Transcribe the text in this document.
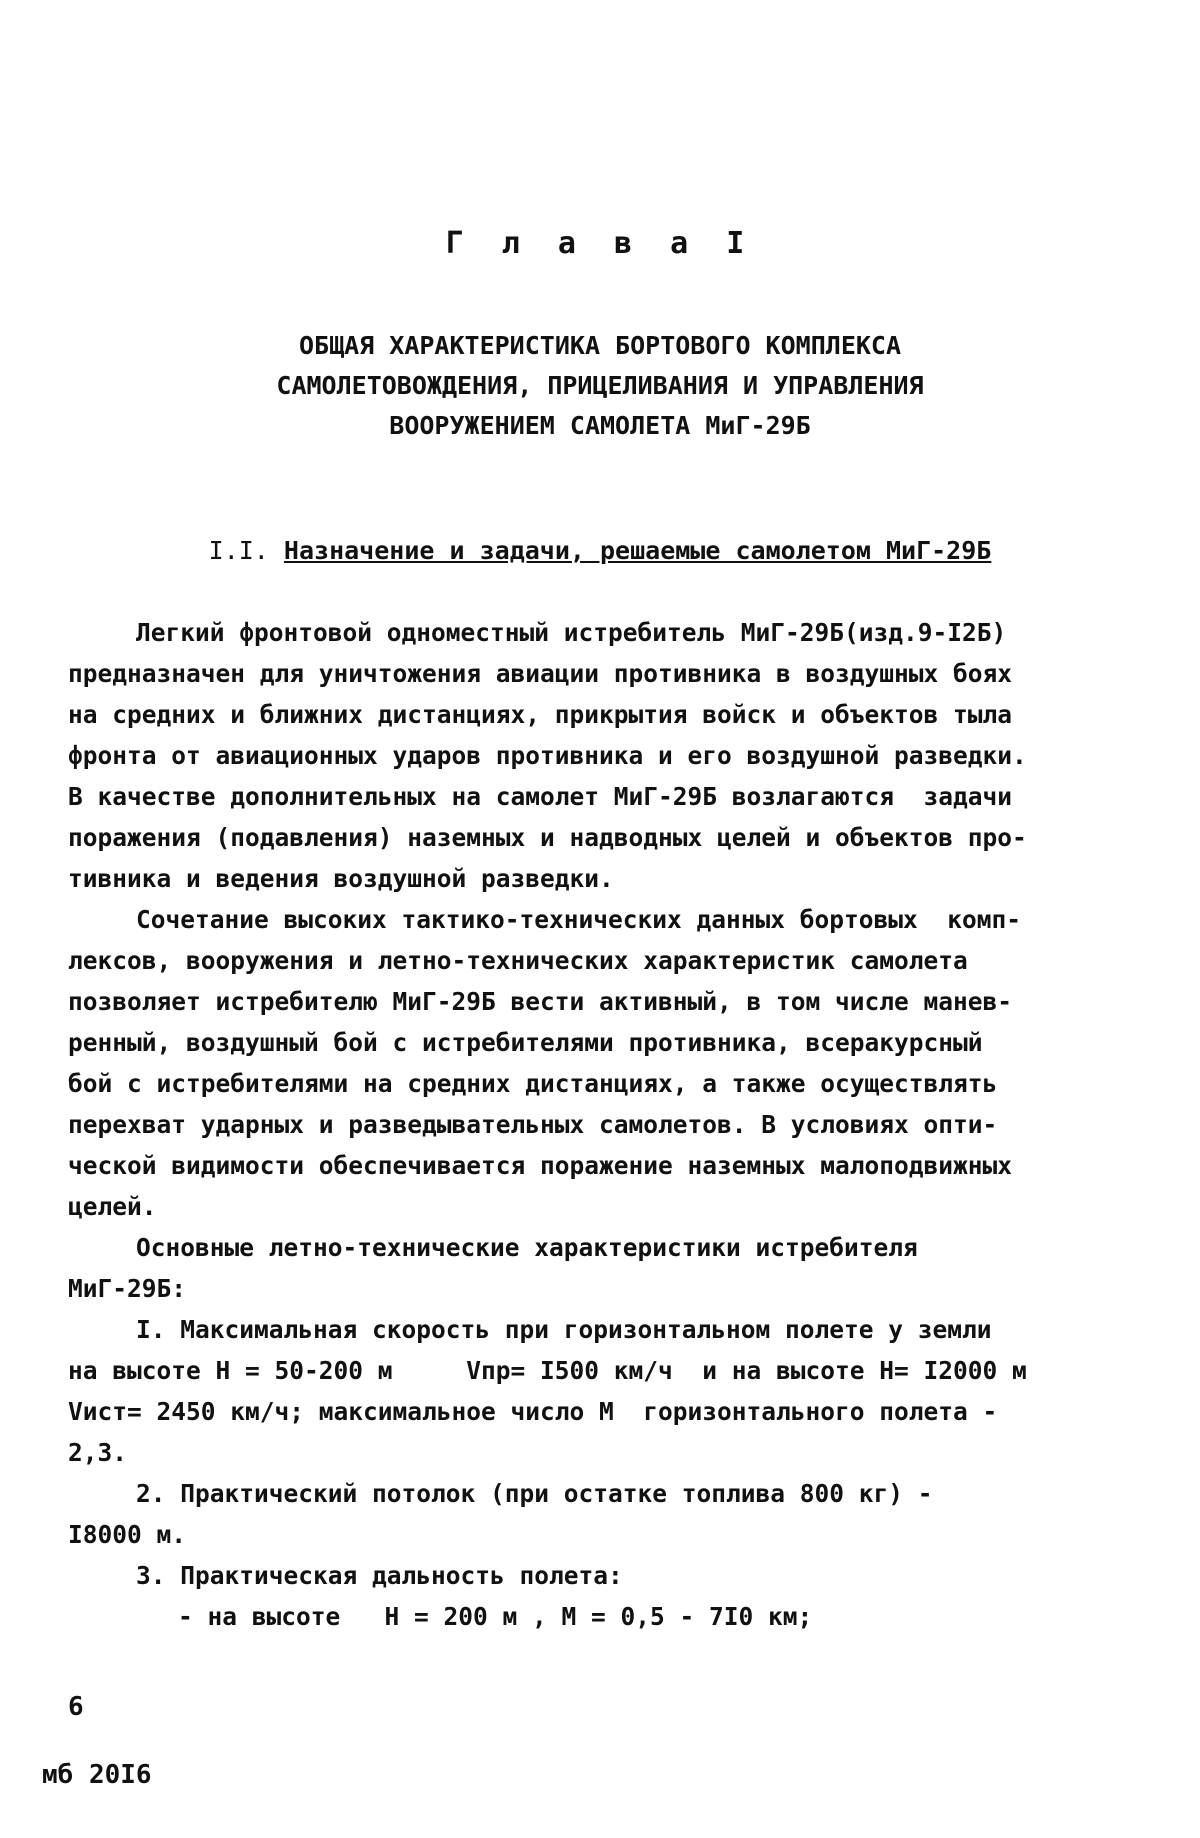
Г л а в а I
ОБЩАЯ ХАРАКТЕРИСТИКА БОРТОВОГО КОМПЛЕКСА
САМОЛЕТОВОЖДЕНИЯ, ПРИЦЕЛИВАНИЯ И УПРАВЛЕНИЯ
ВООРУЖЕНИЕМ САМОЛЕТА МиГ-29Б
I.I. Назначение и задачи, решаемые самолетом МиГ-29Б
Легкий фронтовой одноместный истребитель МиГ-29Б(изд.9-I2Б)
предназначен для уничтожения авиации противника в воздушных боях
на средних и ближних дистанциях, прикрытия войск и объектов тыла
фронта от авиационных ударов противника и его воздушной разведки.
В качестве дополнительных на самолет МиГ-29Б возлагаются  задачи
поражения (подавления) наземных и надводных целей и объектов про-
тивника и ведения воздушной разведки.
Сочетание высоких тактико-технических данных бортовых  комп-
лексов, вооружения и летно-технических характеристик самолета
позволяет истребителю МиГ-29Б вести активный, в том числе манев-
ренный, воздушный бой с истребителями противника, всеракурсный
бой с истребителями на средних дистанциях, а также осуществлять
перехват ударных и разведывательных самолетов. В условиях опти-
ческой видимости обеспечивается поражение наземных малоподвижных
целей.
Основные летно-технические характеристики истребителя
МиГ-29Б:
I. Максимальная скорость при горизонтальном полете у земли
на высоте H = 50-200 м     Vпр= I500 км/ч  и на высоте H= I2000 м
Vист= 2450 км/ч; максимальное число M  горизонтального полета -
2,3.
2. Практический потолок (при остатке топлива 800 кг) -
I8000 м.
3. Практическая дальность полета:
- на высоте   H = 200 м , M = 0,5 - 7I0 км;
6
мб 20I6
